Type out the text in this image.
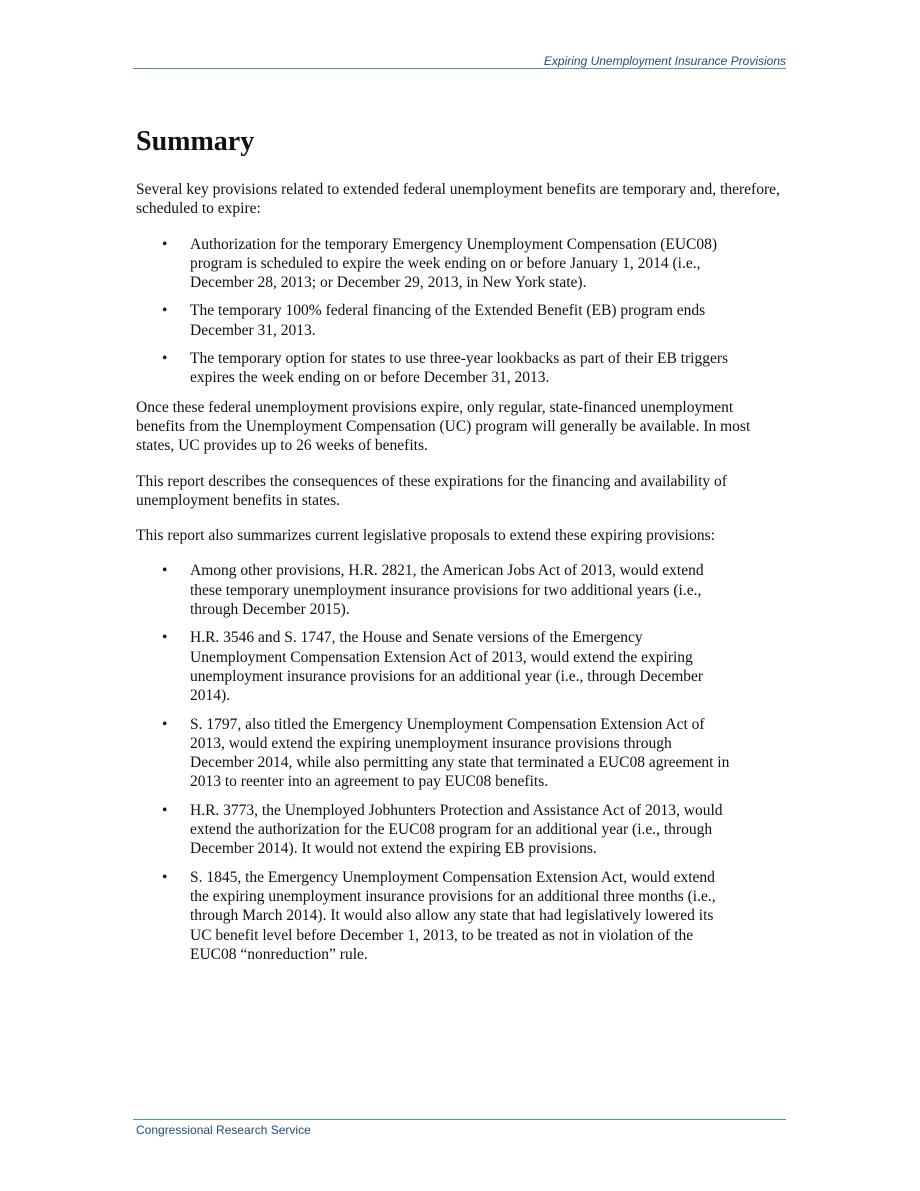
Expiring Unemployment Insurance Provisions
Summary

Several key provisions related to extended federal unemployment benefits are temporary and, therefore, scheduled to expire:

• Authorization for the temporary Emergency Unemployment Compensation (EUC08) program is scheduled to expire the week ending on or before January 1, 2014 (i.e., December 28, 2013; or December 29, 2013, in New York state).
• The temporary 100% federal financing of the Extended Benefit (EB) program ends December 31, 2013.
• The temporary option for states to use three-year lookbacks as part of their EB triggers expires the week ending on or before December 31, 2013.

Once these federal unemployment provisions expire, only regular, state-financed unemployment benefits from the Unemployment Compensation (UC) program will generally be available. In most states, UC provides up to 26 weeks of benefits.

This report describes the consequences of these expirations for the financing and availability of unemployment benefits in states.

This report also summarizes current legislative proposals to extend these expiring provisions:

• Among other provisions, H.R. 2821, the American Jobs Act of 2013, would extend these temporary unemployment insurance provisions for two additional years (i.e., through December 2015).
• H.R. 3546 and S. 1747, the House and Senate versions of the Emergency Unemployment Compensation Extension Act of 2013, would extend the expiring unemployment insurance provisions for an additional year (i.e., through December 2014).
• S. 1797, also titled the Emergency Unemployment Compensation Extension Act of 2013, would extend the expiring unemployment insurance provisions through December 2014, while also permitting any state that terminated a EUC08 agreement in 2013 to reenter into an agreement to pay EUC08 benefits.
• H.R. 3773, the Unemployed Jobhunters Protection and Assistance Act of 2013, would extend the authorization for the EUC08 program for an additional year (i.e., through December 2014). It would not extend the expiring EB provisions.
• S. 1845, the Emergency Unemployment Compensation Extension Act, would extend the expiring unemployment insurance provisions for an additional three months (i.e., through March 2014). It would also allow any state that had legislatively lowered its UC benefit level before December 1, 2013, to be treated as not in violation of the EUC08 “nonreduction” rule.
Congressional Research Service
